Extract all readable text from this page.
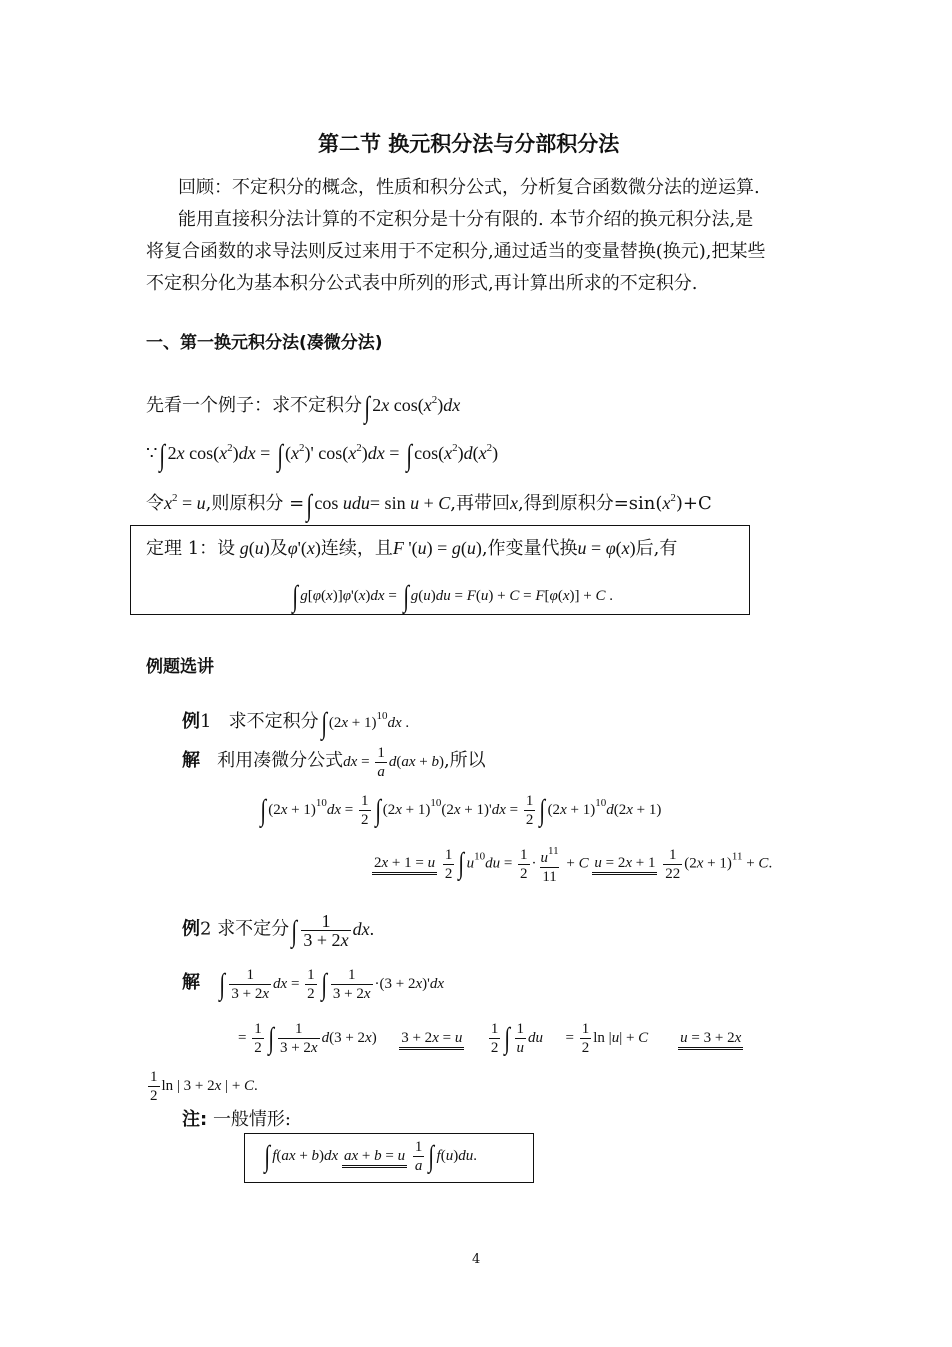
第二节 换元积分法与分部积分法
回顾：不定积分的概念，性质和积分公式，分析复合函数微分法的逆运算.
能用直接积分法计算的不定积分是十分有限的. 本节介绍的换元积分法,是
将复合函数的求导法则反过来用于不定积分,通过适当的变量替换(换元),把某些
不定积分化为基本积分公式表中所列的形式,再计算出所求的不定积分.
一、第一换元积分法(凑微分法)
先看一个例子：求不定积分∫ 2x $\cos(x^2)dx$
∵∫ 2x $\cos(x^2)dx$ = ∫ $(x^2)'$ $\cos(x^2)dx$ = ∫ $\cos(x^2)d(x^2)$
令$x^2 = u$,则原积分 =∫ cos udu= sin u + C,再带回x,得到原积分$=\sin(x^2)+C$
定理 1：设 g(u)及φ'(x)连续，且F '(u) = g(u),作变量代换u = φ(x)后,有
∫ g[φ(x)]φ'(x)dx = ∫ g(u)du = F(u) + C = F[φ(x)] + C .
例题选讲
例1 求不定积分∫ $(2x + 1)^{10}dx$ .
解 利用凑微分公式dx = $\frac{1}{a} d(ax + b)$,所以
∫ $(2x + 1)^{10}dx = \frac{1}{2}$ ∫ $(2x + 1)^{10}(2x + 1)'dx = \frac{1}{2}$ ∫ $(2x + 1)^{10}d(2x + 1)$
2x + 1 = u $\frac{1}{2}$ ∫ $u^{10}du = \frac{1}{2} \cdot \frac{u^{11}}{11} + C$ $u = 2x + 1 \frac{1}{22} (2x + 1)^{11} + C$.
例2 求不定分∫ $\frac{1}{3 + 2x}$ dx.
解 ∫ $\frac{1}{3 + 2x}$ dx = $\frac{1}{2}$ ∫ $\frac{1}{3 + 2x} \cdot(3 + 2x)'dx$
= $\frac{1}{2}$ ∫ $\frac{1}{3 + 2x} d(3 + 2x)$      3 + 2x = u $\frac{1}{2}$ ∫ $\frac{1}{u}$ du      = $\frac{1}{2}$ ln |u| + C u = 3 + 2x
$\frac{1}{2}$ ln | 3 + 2x | + C.
注: 一般情形:
∫ f(ax + b)dx ax + b = u $\frac{1}{a}$ ∫ f(u)du.
4
